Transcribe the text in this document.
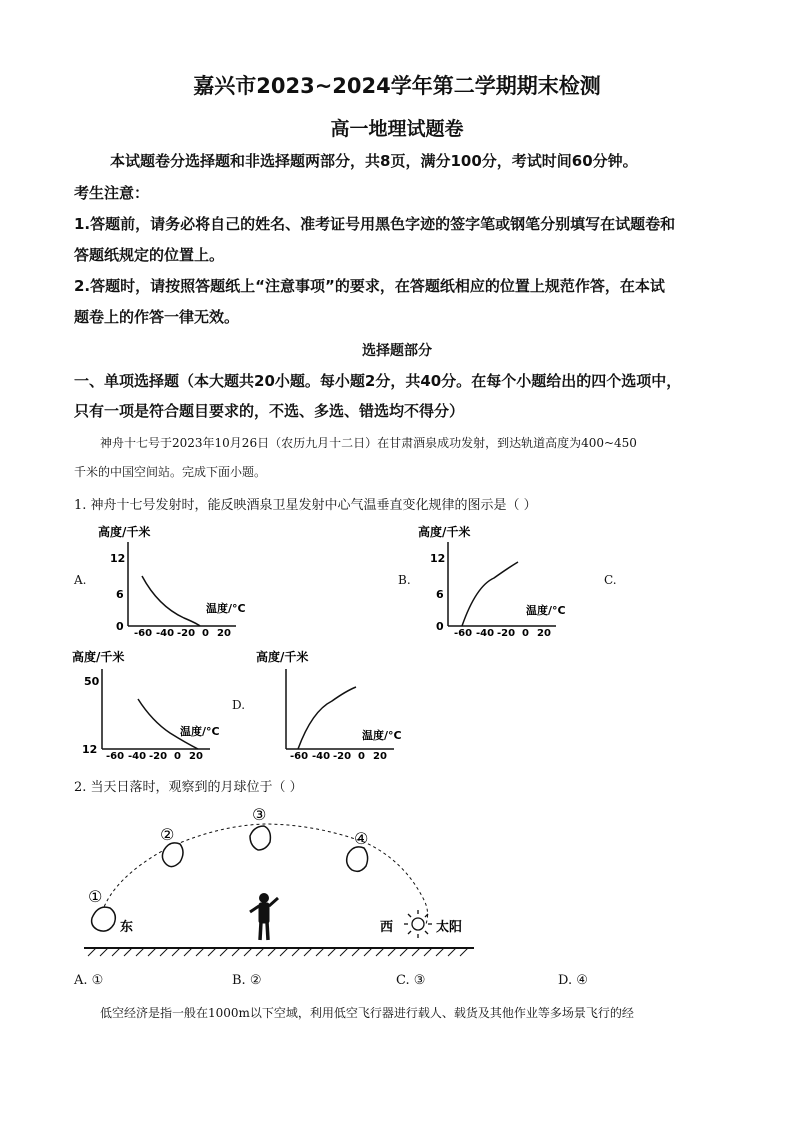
嘉兴市2023~2024学年第二学期期末检测
高一地理试题卷
本试题卷分选择题和非选择题两部分，共8页，满分100分，考试时间60分钟。
考生注意：
1.答题前，请务必将自己的姓名、准考证号用黑色字迹的签字笔或钢笔分别填写在试题卷和
答题纸规定的位置上。
2.答题时，请按照答题纸上“注意事项”的要求，在答题纸相应的位置上规范作答，在本试
题卷上的作答一律无效。
选择题部分
一、单项选择题（本大题共20小题。每小题2分，共40分。在每个小题给出的四个选项中，
只有一项是符合题目要求的，不选、多选、错选均不得分）
神舟十七号于2023年10月26日（农历九月十二日）在甘肃酒泉成功发射，到达轨道高度为400~450
千米的中国空间站。完成下面小题。
1. 神舟十七号发射时，能反映酒泉卫星发射中心气温垂直变化规律的图示是（ ）
A.	B.	C.
D.
高度/千米
12
6
0
温度/°C
-60 -40 -20 0 20
高度/千米
12
6
0
温度/°C
-60 -40 -20 0 20
高度/千米
50
12
温度/°C
-60 -40 -20 0 20
高度/千米
温度/°C
-60 -40 -20 0 20
2. 当天日落时，观察到的月球位于（ ）
①
②
③
④
东	西	太阳
A. ①	B. ②	C. ③	D. ④
低空经济是指一般在1000m以下空域，利用低空飞行器进行载人、载货及其他作业等多场景飞行的经
